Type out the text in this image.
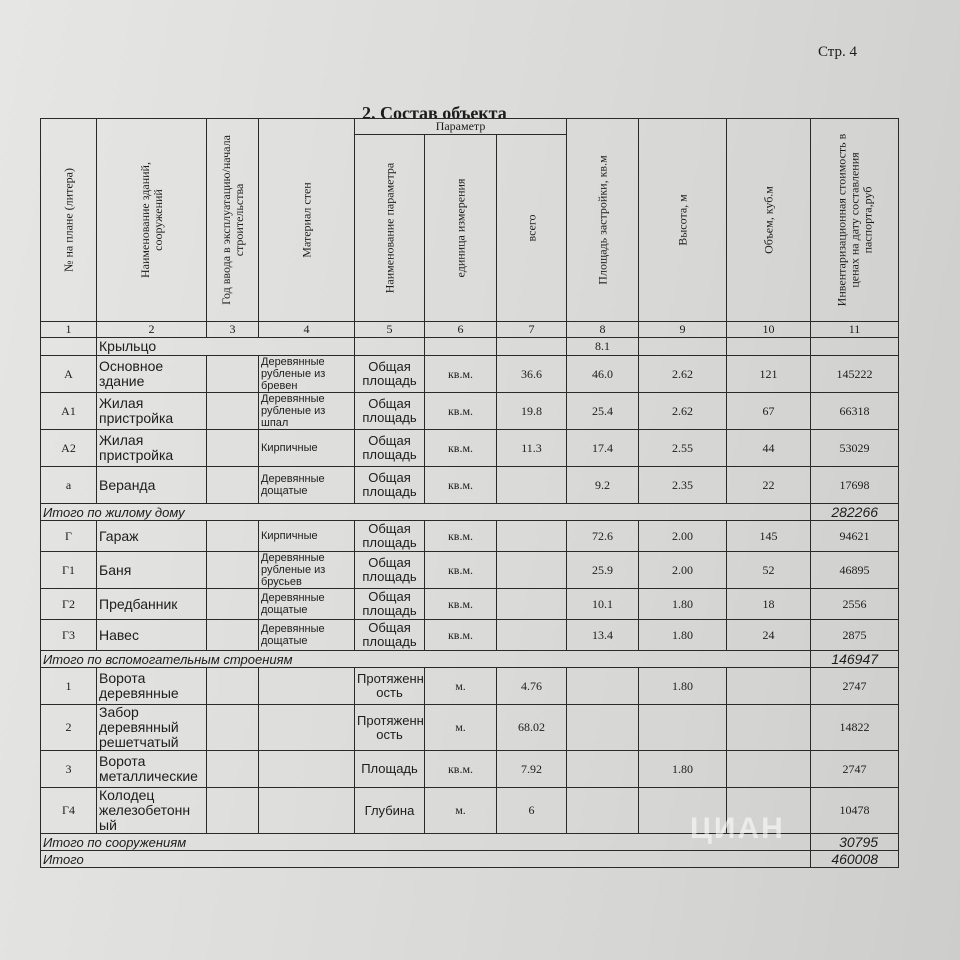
Стр. 4
2. Состав объекта
№ на плане (литера)	Наименование зданий, сооружений	Год ввода в эксплуатацию/начала строительства	Материал стен	Параметр			Площадь застройки, кв.м	Высота, м	Объем, куб.м	Инвентаризационная стоимость в ценах на дату составления паспорта,руб

				Наименование параметра	единица измерения	всего				

1	2	3	4	5	6	7	8	9	10	11
	Крыльцо						8.1			
А	Основное здание		Деревянные рубленые из бревен	Общая площадь	кв.м.	36.6	46.0	2.62	121	145222
А1	Жилая пристройка		Деревянные рубленые из шпал	Общая площадь	кв.м.	19.8	25.4	2.62	67	66318
А2	Жилая пристройка		Кирпичные	Общая площадь	кв.м.	11.3	17.4	2.55	44	53029
а	Веранда		Деревянные дощатые	Общая площадь	кв.м.		9.2	2.35	22	17698
Итого по жилому дому										282266
Г	Гараж		Кирпичные	Общая площадь	кв.м.		72.6	2.00	145	94621
Г1	Баня		Деревянные рубленые из брусьев	Общая площадь	кв.м.		25.9	2.00	52	46895
Г2	Предбанник		Деревянные дощатые	Общая площадь	кв.м.		10.1	1.80	18	2556
Г3	Навес		Деревянные дощатые	Общая площадь	кв.м.		13.4	1.80	24	2875
Итого по вспомогательным строениям										146947
1	Ворота деревянные			Протяженн ость	м.	4.76		1.80		2747
2	Забор деревянный решетчатый			Протяженн ость	м.	68.02				14822
3	Ворота металлические			Площадь	кв.м.	7.92		1.80		2747
Г4	Колодец железобетонн ый			Глубина	м.	6				10478
Итого по сооружениям										30795
Итого										460008
ЦИАН
